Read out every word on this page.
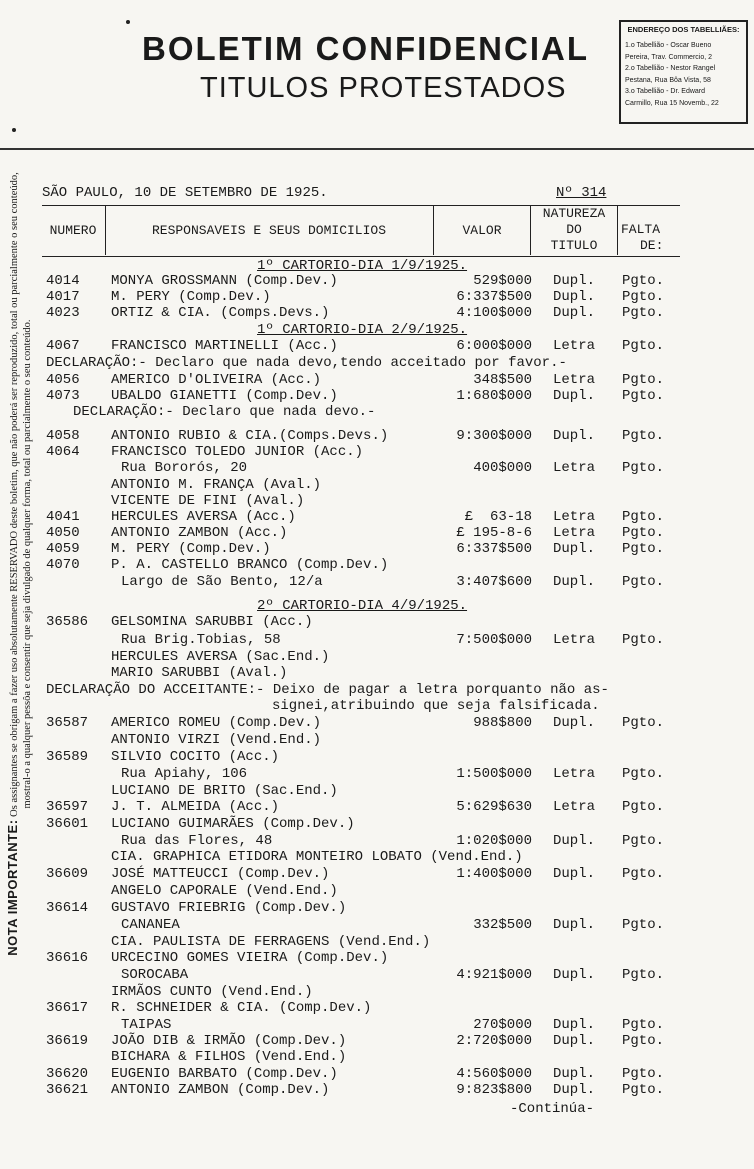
BOLETIM CONFIDENCIAL
TITULOS PROTESTADOS
ENDEREÇO DOS TABELLIÃES:
1.o Tabellião - Oscar Bueno
Pereira, Trav. Commercio, 2
2.o Tabellião - Nestor Rangel
Pestana, Rua Bôa Vista, 58
3.o Tabellião - Dr. Edward
Carmillo, Rua 15 Novemb., 22
NOTA IMPORTANTE: Os assignantes se obrigam a fazer uso absolutamente RESERVADO deste boletim, que não poderá ser reproduzido, total ou parcialmente o seu conteúdo, mostral-o a qualquer pessôa e consentir que seja divulgado de qualquer forma, total ou parcialmente o seu conteúdo.
SÃO PAULO, 10 DE SETEMBRO DE 1925.	Nº 314
NUMERO	RESPONSAVEIS E SEUS DOMICILIOS	VALOR
NATUREZA
DO
TITULO
FALTA
DE:
1º CARTORIO-DIA 1/9/1925.
4014 MONYA GROSSMANN (Comp.Dev.)	529$000 Dupl. Pgto.
4017 M. PERY (Comp.Dev.)	6:337$500 Dupl. Pgto.
4023 ORTIZ & CIA. (Comps.Devs.)	4:100$000 Dupl. Pgto.
1º CARTORIO-DIA 2/9/1925.
4067 FRANCISCO MARTINELLI (Acc.)	6:000$000 Letra Pgto.
DECLARAÇÃO:- Declaro que nada devo,tendo acceitado por favor.-
4056 AMERICO D'OLIVEIRA (Acc.)	348$500 Letra Pgto.
4073 UBALDO GIANETTI (Comp.Dev.)	1:680$000 Dupl. Pgto.
DECLARAÇÃO:- Declaro que nada devo.-
4058 ANTONIO RUBIO & CIA.(Comps.Devs.)	9:300$000 Dupl. Pgto.
4064 FRANCISCO TOLEDO JUNIOR (Acc.)
Rua Bororós, 20	400$000 Letra Pgto.
ANTONIO M. FRANÇA (Aval.)
VICENTE DE FINI (Aval.)
4041 HERCULES AVERSA (Acc.)	£  63-18 Letra Pgto.
4050 ANTONIO ZAMBON (Acc.)	£ 195-8-6 Letra Pgto.
4059 M. PERY (Comp.Dev.)	6:337$500 Dupl. Pgto.
4070 P. A. CASTELLO BRANCO (Comp.Dev.)
Largo de São Bento, 12/a	3:407$600 Dupl. Pgto.
2º CARTORIO-DIA 4/9/1925.
36586 GELSOMINA SARUBBI (Acc.)
Rua Brig.Tobias, 58	7:500$000 Letra Pgto.
HERCULES AVERSA (Sac.End.)
MARIO SARUBBI (Aval.)
DECLARAÇÃO DO ACCEITANTE:- Deixo de pagar a letra porquanto não as-
signei,atribuindo que seja falsificada.
36587 AMERICO ROMEU (Comp.Dev.)	988$800 Dupl. Pgto.
ANTONIO VIRZI (Vend.End.)
36589 SILVIO COCITO (Acc.)
Rua Apiahy, 106	1:500$000 Letra Pgto.
LUCIANO DE BRITO (Sac.End.)
36597 J. T. ALMEIDA (Acc.)	5:629$630 Letra Pgto.
36601 LUCIANO GUIMARÃES (Comp.Dev.)
Rua das Flores, 48	1:020$000 Dupl. Pgto.
CIA. GRAPHICA ETIDORA MONTEIRO LOBATO (Vend.End.)
36609 JOSÉ MATTEUCCI (Comp.Dev.)	1:400$000 Dupl. Pgto.
ANGELO CAPORALE (Vend.End.)
36614 GUSTAVO FRIEBRIG (Comp.Dev.)
CANANEA	332$500 Dupl. Pgto.
CIA. PAULISTA DE FERRAGENS (Vend.End.)
36616 URCECINO GOMES VIEIRA (Comp.Dev.)
SOROCABA	4:921$000 Dupl. Pgto.
IRMÃOS CUNTO (Vend.End.)
36617 R. SCHNEIDER & CIA. (Comp.Dev.)
TAIPAS	270$000 Dupl. Pgto.
36619 JOÃO DIB & IRMÃO (Comp.Dev.)	2:720$000 Dupl. Pgto.
BICHARA & FILHOS (Vend.End.)
36620 EUGENIO BARBATO (Comp.Dev.)	4:560$000 Dupl. Pgto.
36621 ANTONIO ZAMBON (Comp.Dev.)	9:823$800 Dupl. Pgto.
-Continúa-
